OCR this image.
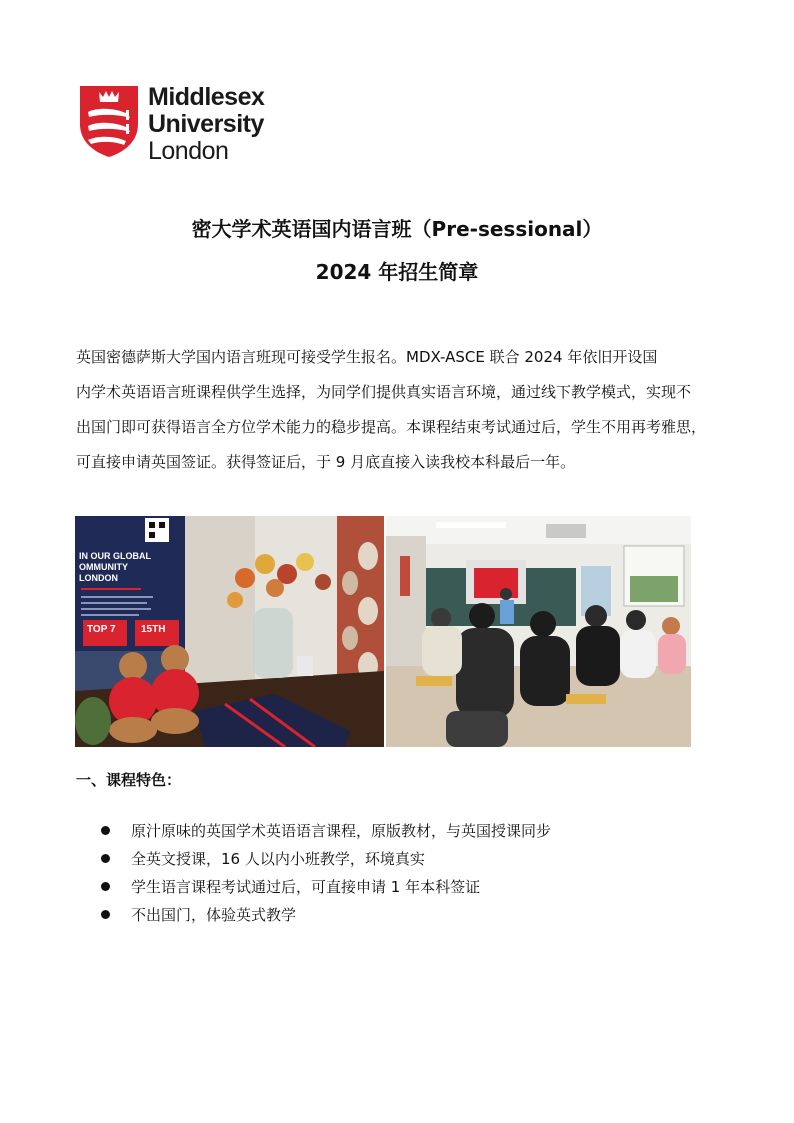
Middlesex
University
London
密大学术英语国内语言班（Pre-sessional）
2024 年招生简章
英国密德萨斯大学国内语言班现可接受学生报名。MDX-ASCE 联合 2024 年依旧开设国
内学术英语语言班课程供学生选择，为同学们提供真实语言环境，通过线下教学模式，实现不
出国门即可获得语言全方位学术能力的稳步提高。本课程结束考试通过后，学生不用再考雅思，
可直接申请英国签证。获得签证后，于 9 月底直接入读我校本科最后一年。
IN OUR GLOBAL
OMMUNITY
LONDON
TOP 7	15TH
一、课程特色：
原汁原味的英国学术英语语言课程，原版教材，与英国授课同步
全英文授课，16 人以内小班教学，环境真实
学生语言课程考试通过后，可直接申请 1 年本科签证
不出国门，体验英式教学
